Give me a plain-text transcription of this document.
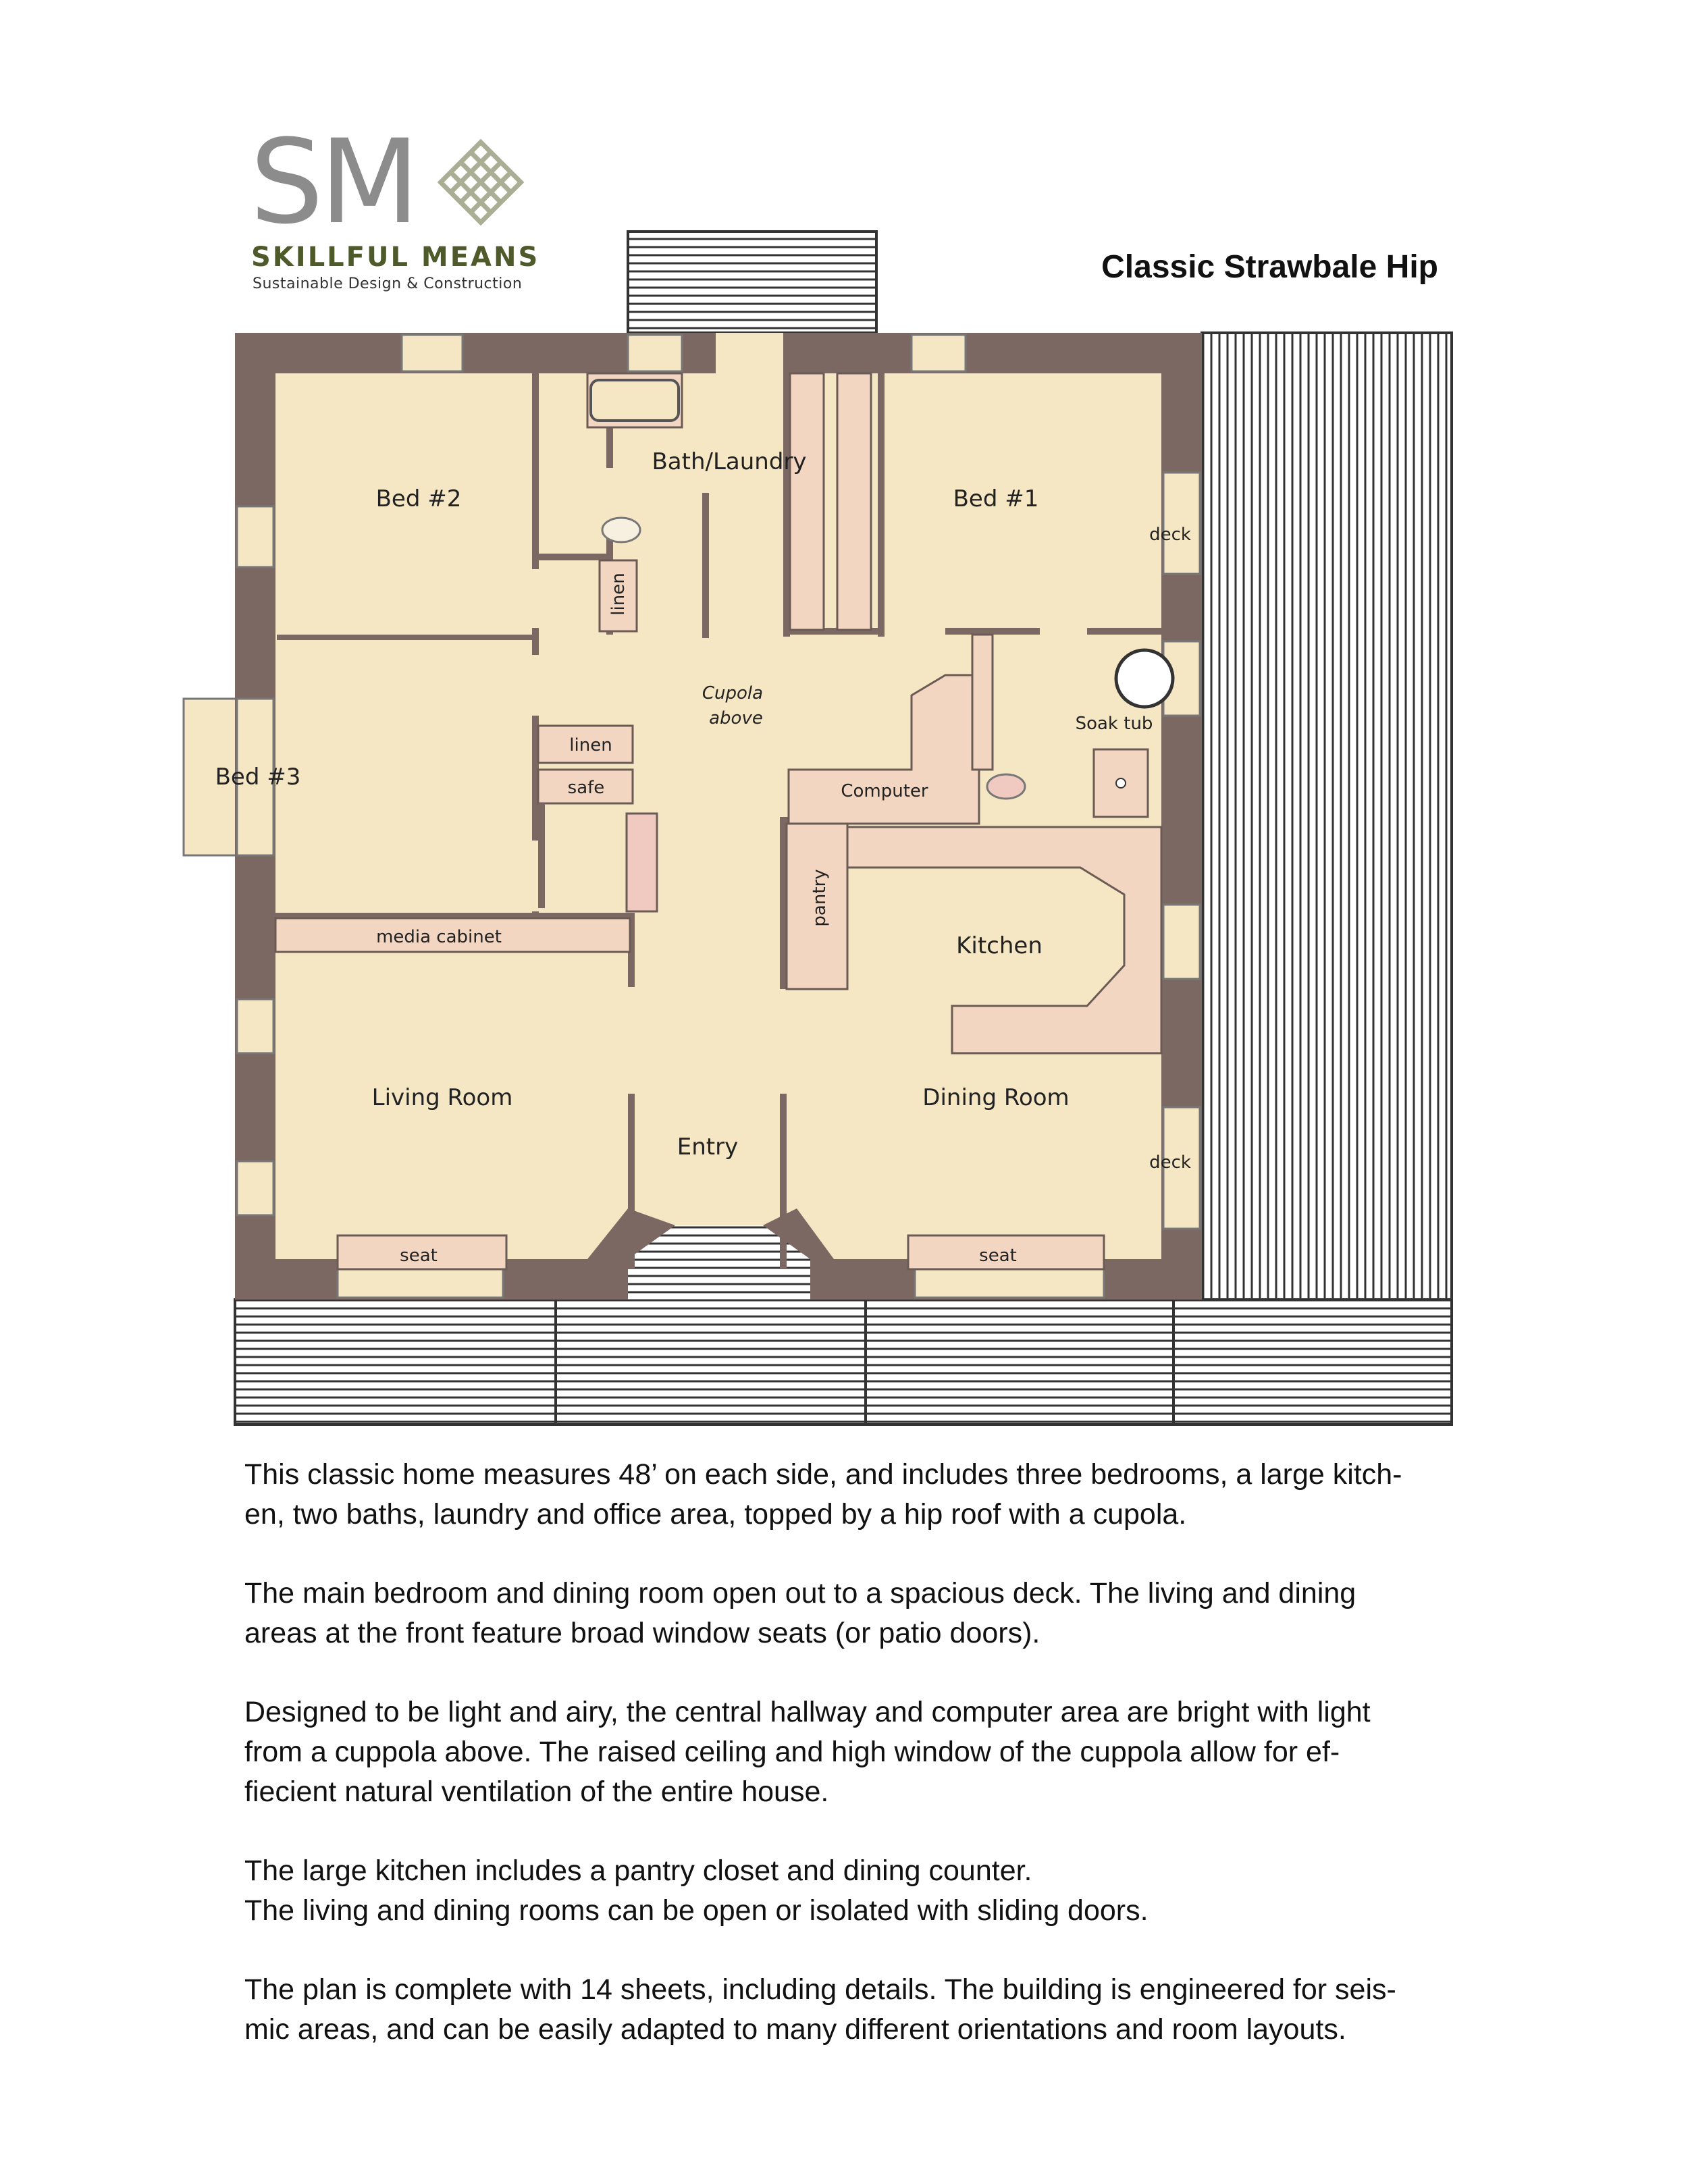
SM
SKILLFUL MEANS
Sustainable Design & Construction	Classic Strawbale Hip
Bed #2
Bath/Laundry
Bed #1
Bed #3
Kitchen
Living Room	Dining Room
Entry
deck
Soak tub
linen
safe	Computer
media cabinet
deck
seat	seat
Cupola
above
linen
pantry

This classic home measures 48’ on each side, and includes three bedrooms, a large kitch-
en, two baths, laundry and office area, topped by a hip roof with a cupola.

The main bedroom and dining room open out to a spacious deck. The living and dining
areas at the front feature broad window seats (or patio doors).

Designed to be light and airy, the central hallway and computer area are bright with light
from a cuppola above. The raised ceiling and high window of the cuppola allow for ef-
fiecient natural ventilation of the entire house.

The large kitchen includes a pantry closet and dining counter.
The living and dining rooms can be open or isolated with sliding doors.

The plan is complete with 14 sheets, including details. The building is engineered for seis-
mic areas, and can be easily adapted to many different orientations and room layouts.
